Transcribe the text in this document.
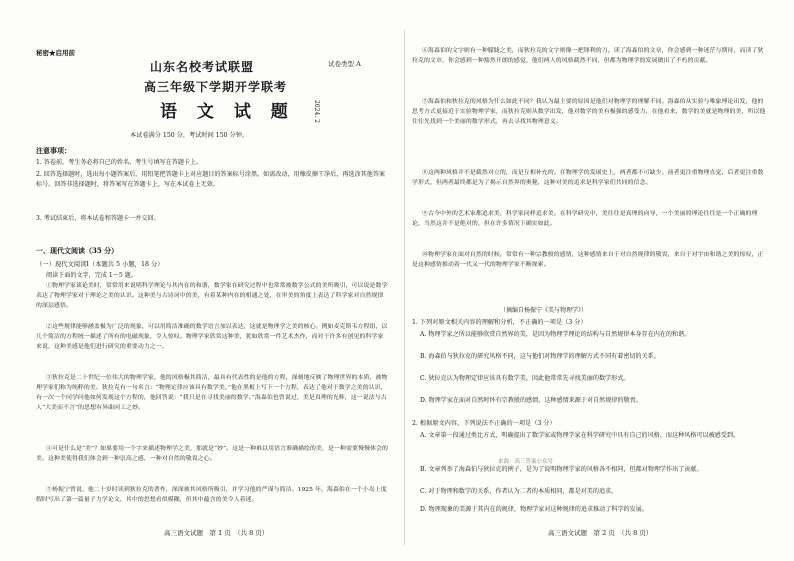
秘密★启用前
试卷类型 A
山东名校考试联盟
高三年级下学期开学联考
语 文 试 题	2024. 2
本试卷满分 150 分，考试时间 150 分钟。
注意事项：
1. 答卷前，考生务必将自己的姓名、考生号填写在答题卡上。
2. 回答选择题时，选出每小题答案后，用铅笔把答题卡上对应题目的答案标号涂黑。如需改动，用橡皮擦干净后，再选涂其他答案标号。回答非选择题时，将答案写在答题卡上，写在本试卷上无效。
3. 考试结束后，将本试卷和答题卡一并交回。
一、现代文阅读（35 分）
（一）现代文阅读Ⅰ（本题共 5 小题，18 分）
阅读下面的文字，完成 1～5 题。
①物理学家谈论美时，常常用来说明科学理论与其内在的和谐，数学家在研究过程中也常常被数学公式的美所吸引，可以说是数学表达了物理学家对于理论之美的认识。这种美与古诗词中的美，有着某种内在的相通之处，在审美的角度上表达了科学家对自然规律的深层感悟。
②这些规律能够涵盖极为广泛的现象，可以用简洁准确的数学语言加以表达，这就是物理学之美的核心。例如麦克斯韦方程组，以几个简洁的方程统一描述了所有的电磁现象，令人惊叹。物理学家欣赏这种美，犹如欣赏一件艺术杰作，而对于许多有创见的科学家来说，这种美感是他们进行研究的重要动力之一。
③狄拉克是二十世纪一位伟大的物理学家，他的风格极其简洁，最具有代表性的是他的方程，深刻地反映了物理世界的本质，被物理学家们称为纯粹的美。狄拉克有一句名言：“物理定律应该具有数学美。”他在黑板上写下一个方程，表达了他对于数学之美的认识，有一次一个同学问他如何发现这个方程的，他回答说：“我只是在寻找美丽的数学。”海森伯也曾说过，美是真理的光辉，这一说法与古人“大美而不言”的思想有异曲同工之妙。
④可是什么是“美”？如果要用一个字来描述物理学之美，那就是“妙”。这是一种难以用语言准确描绘的美，是一种需要慢慢体会的美。这种美使得我们体会到一种崇高之感，一种对自然的敬畏之心。
⑤杨振宁曾说，他二十岁时读到狄拉克的著作，深深被其风格所吸引，并学习他的严谨与简洁。1925 年，海森伯在一个小岛上度假时写出了第一篇量子力学论文，其中的思想看似模糊，但其中蕴含的美令人着迷。
高三语文试题　第 1 页　（共 8 页）
⑥海森伯的文字则有一种朦胧之美，而狄拉克的文字则像一把锋利的刀，读了海森伯的文章，你会感到一种迷茫与期待，而读了狄拉克的文章，你会感到一种豁然开朗的感觉，他们两人的风格截然不同，但都为物理学的发展做出了不朽的贡献。
⑦海森伯和狄拉克的风格为什么如此不同？我认为最主要的原因是他们对物理学的理解不同。海森伯从实验与唯象理论出发，他的思考方式更接近于实验物理学家，而狄拉克则从数学出发，他对数学的美有极强的感受力，在他看来，数学的美就是物理的美，所以他往往先找到一个美丽的数学形式，再去寻找其物理意义。
⑧这两种风格并不是截然对立的，而是互相补充的。在物理学的发展史上，两者都不可缺少。前者更注重物理直觉，后者更注重数学形式，但两者最终都是为了揭示自然界的奥秘，这种对美的追求是科学家们共同的信念。
⑨古今中外的艺术家都追求美，科学家同样追求美。在科学研究中，美往往是真理的向导，一个美丽的理论往往是一个正确的理论，当然这并不是绝对的，但在许多情况下确实如此。
⑩物理学家在面对自然的时候，常常有一种宗教般的感情，这种感情来自于对自然规律的敬畏，来自于对宇宙和谐之美的惊叹，正是这种感情推动着一代又一代的物理学家不断探索。
（摘编自杨振宁《美与物理学》）
1. 下列对原文相关内容的理解和分析，不正确的一项是（3 分）
A. 物理学家之所以能够欣赏自然界的美，是因为物理学理论的结构与自然规律本身存在内在的和谐。
B. 海森伯与狄拉克的研究风格不同，这与他们对物理学的理解方式不同有着密切的关系。
C. 狄拉克认为物理定律应该具有数学美，因此他常常先寻找美丽的数学形式。
D. 物理学家在面对自然时怀有宗教般的感情，这种感情来源于对自然规律的敬畏。
2. 根据原文内容，下列说法不正确的一项是（3 分）
A. 文章第一段通过类比方式，明确提出了数学家或物理学家在科学研究中具有自己的风格，而这种风格可以被感受到。
B. 文章列举了海森伯与狄拉克的例子，是为了说明物理学家的风格各不相同，但都对物理学作出了贡献。
C. 对于物理和数学的关系，作者认为二者的本质相同，都是对美的追求。
D. 物理现象的美源于其内在的规律，物理学家对这种规律的追求推动了科学的发展。
来源：高三答案公众号
高三语文试题　第 2 页　（共 8 页）
